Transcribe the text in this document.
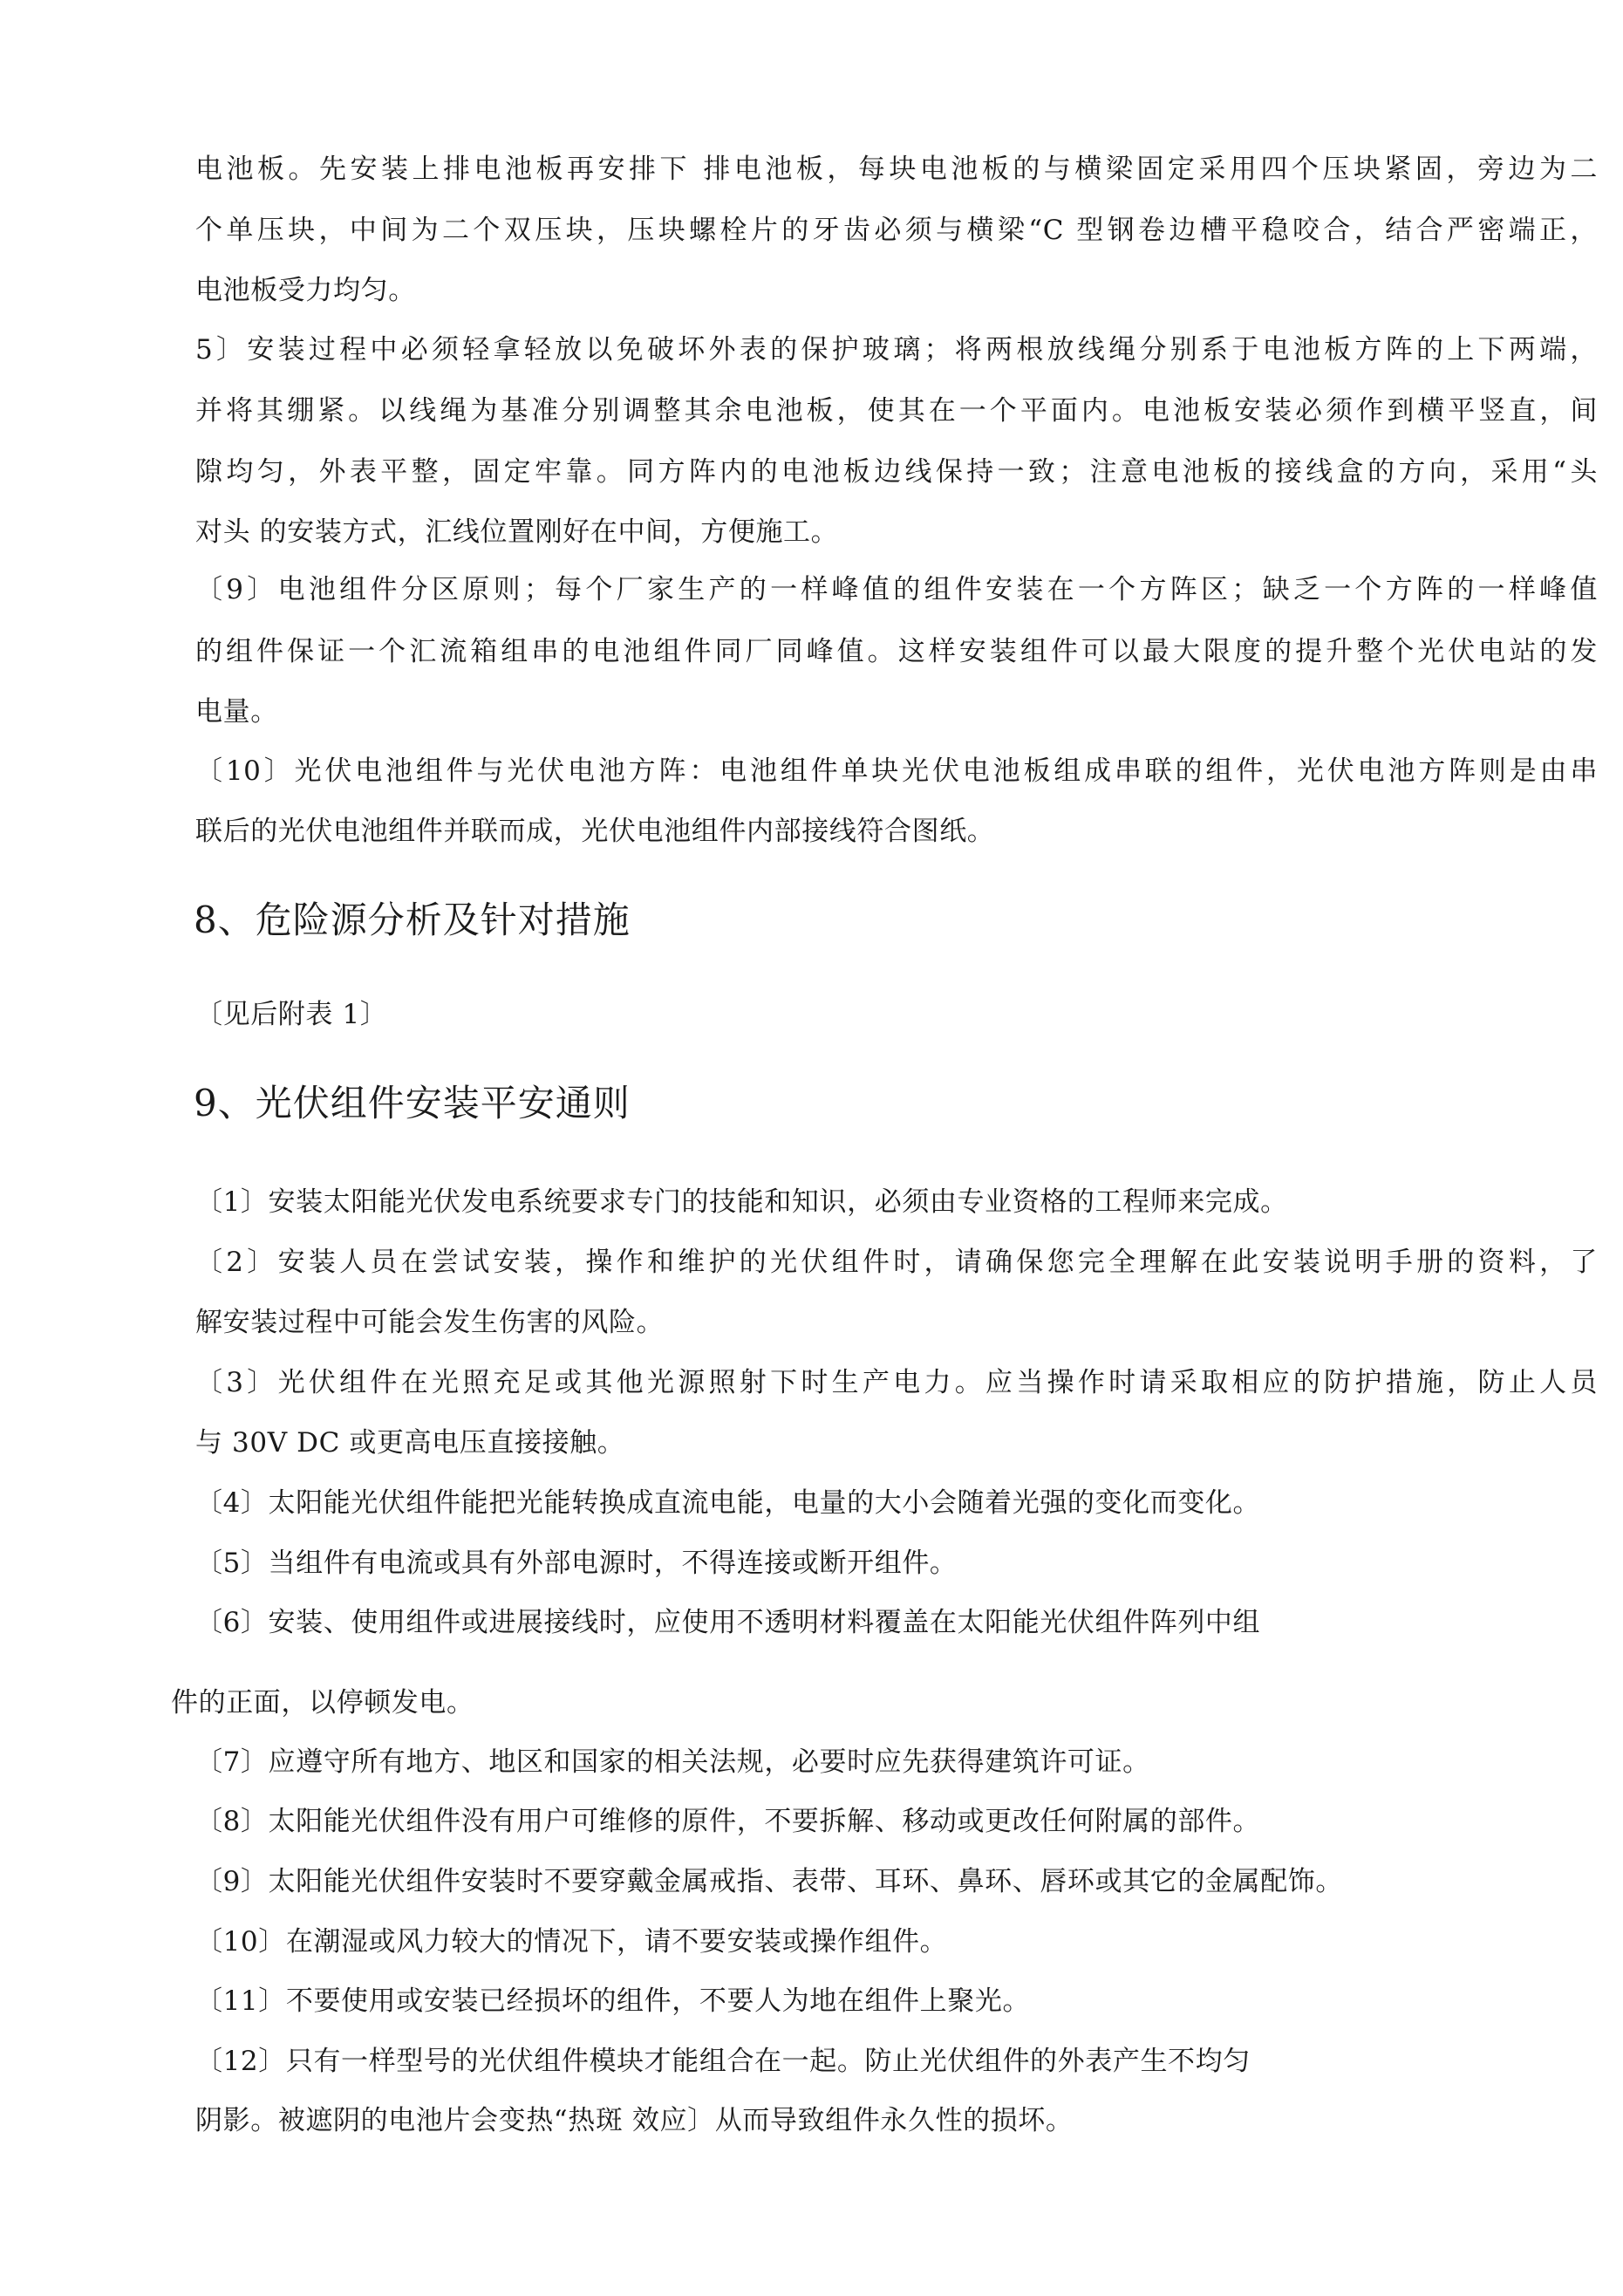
电池板。先安装上排电池板再安排下 排电池板，每块电池板的与横梁固定采用四个压块紧固，旁边为二
个单压块，中间为二个双压块，压块螺栓片的牙齿必须与横梁“C 型钢卷边槽平稳咬合，结合严密端正，
电池板受力均匀。
5〕安装过程中必须轻拿轻放以免破坏外表的保护玻璃；将两根放线绳分别系于电池板方阵的上下两端，
并将其绷紧。以线绳为基准分别调整其余电池板，使其在一个平面内。电池板安装必须作到横平竖直，间
隙均匀，外表平整，固定牢靠。同方阵内的电池板边线保持一致；注意电池板的接线盒的方向，采用“头
对头 的安装方式，汇线位置刚好在中间，方便施工。
〔9〕电池组件分区原则；每个厂家生产的一样峰值的组件安装在一个方阵区；缺乏一个方阵的一样峰值
的组件保证一个汇流箱组串的电池组件同厂同峰值。这样安装组件可以最大限度的提升整个光伏电站的发
电量。
〔10〕光伏电池组件与光伏电池方阵：电池组件单块光伏电池板组成串联的组件，光伏电池方阵则是由串
联后的光伏电池组件并联而成，光伏电池组件内部接线符合图纸。
8、危险源分析及针对措施
〔见后附表 1〕
9、光伏组件安装平安通则
〔1〕安装太阳能光伏发电系统要求专门的技能和知识，必须由专业资格的工程师来完成。
〔2〕安装人员在尝试安装，操作和维护的光伏组件时，请确保您完全理解在此安装说明手册的资料，了
解安装过程中可能会发生伤害的风险。
〔3〕光伏组件在光照充足或其他光源照射下时生产电力。应当操作时请采取相应的防护措施，防止人员
与 30V DC 或更高电压直接接触。
〔4〕太阳能光伏组件能把光能转换成直流电能，电量的大小会随着光强的变化而变化。
〔5〕当组件有电流或具有外部电源时，不得连接或断开组件。
〔6〕安装、使用组件或进展接线时，应使用不透明材料覆盖在太阳能光伏组件阵列中组
件的正面，以停顿发电。
〔7〕应遵守所有地方、地区和国家的相关法规，必要时应先获得建筑许可证。
〔8〕太阳能光伏组件没有用户可维修的原件，不要拆解、移动或更改任何附属的部件。
〔9〕太阳能光伏组件安装时不要穿戴金属戒指、表带、耳环、鼻环、唇环或其它的金属配饰。
〔10〕在潮湿或风力较大的情况下，请不要安装或操作组件。
〔11〕不要使用或安装已经损坏的组件，不要人为地在组件上聚光。
〔12〕只有一样型号的光伏组件模块才能组合在一起。防止光伏组件的外表产生不均匀
阴影。被遮阴的电池片会变热“热斑 效应〕从而导致组件永久性的损坏。
